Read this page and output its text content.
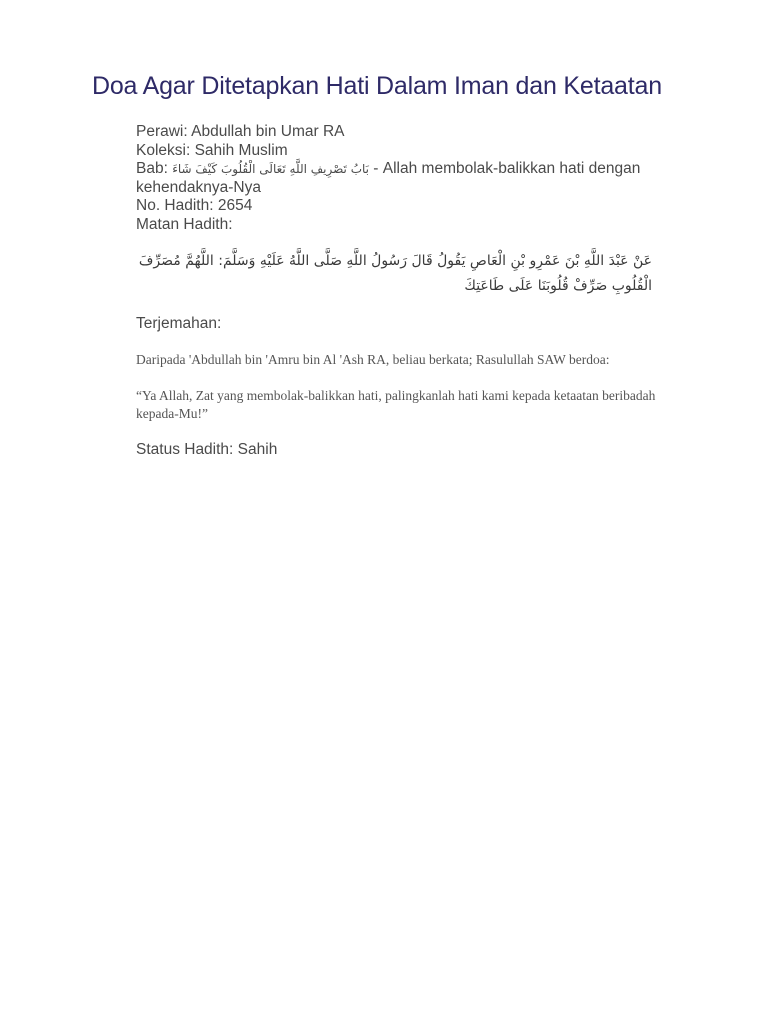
Doa Agar Ditetapkan Hati Dalam Iman dan Ketaatan
Perawi: Abdullah bin Umar RA
Koleksi: Sahih Muslim
Bab: بَابُ تَصْرِيفِ اللَّهِ تَعَالَى الْقُلُوبَ كَيْفَ شَاءَ - Allah membolak-balikkan hati dengan kehendaknya-Nya
No. Hadith: 2654
Matan Hadith:
عَنْ عَبْدَ اللَّهِ بْنَ عَمْرِو بْنِ الْعَاصِ يَقُولُ قَالَ رَسُولُ اللَّهِ صَلَّى اللَّهُ عَلَيْهِ وَسَلَّمَ: اللَّهُمَّ مُصَرِّفَ الْقُلُوبِ صَرِّفْ قُلُوبَنَا عَلَى طَاعَتِكَ
Terjemahan:
Daripada 'Abdullah bin 'Amru bin Al 'Ash RA, beliau berkata; Rasulullah SAW berdoa:
“Ya Allah, Zat yang membolak-balikkan hati, palingkanlah hati kami kepada ketaatan beribadah kepada-Mu!”
Status Hadith: Sahih
